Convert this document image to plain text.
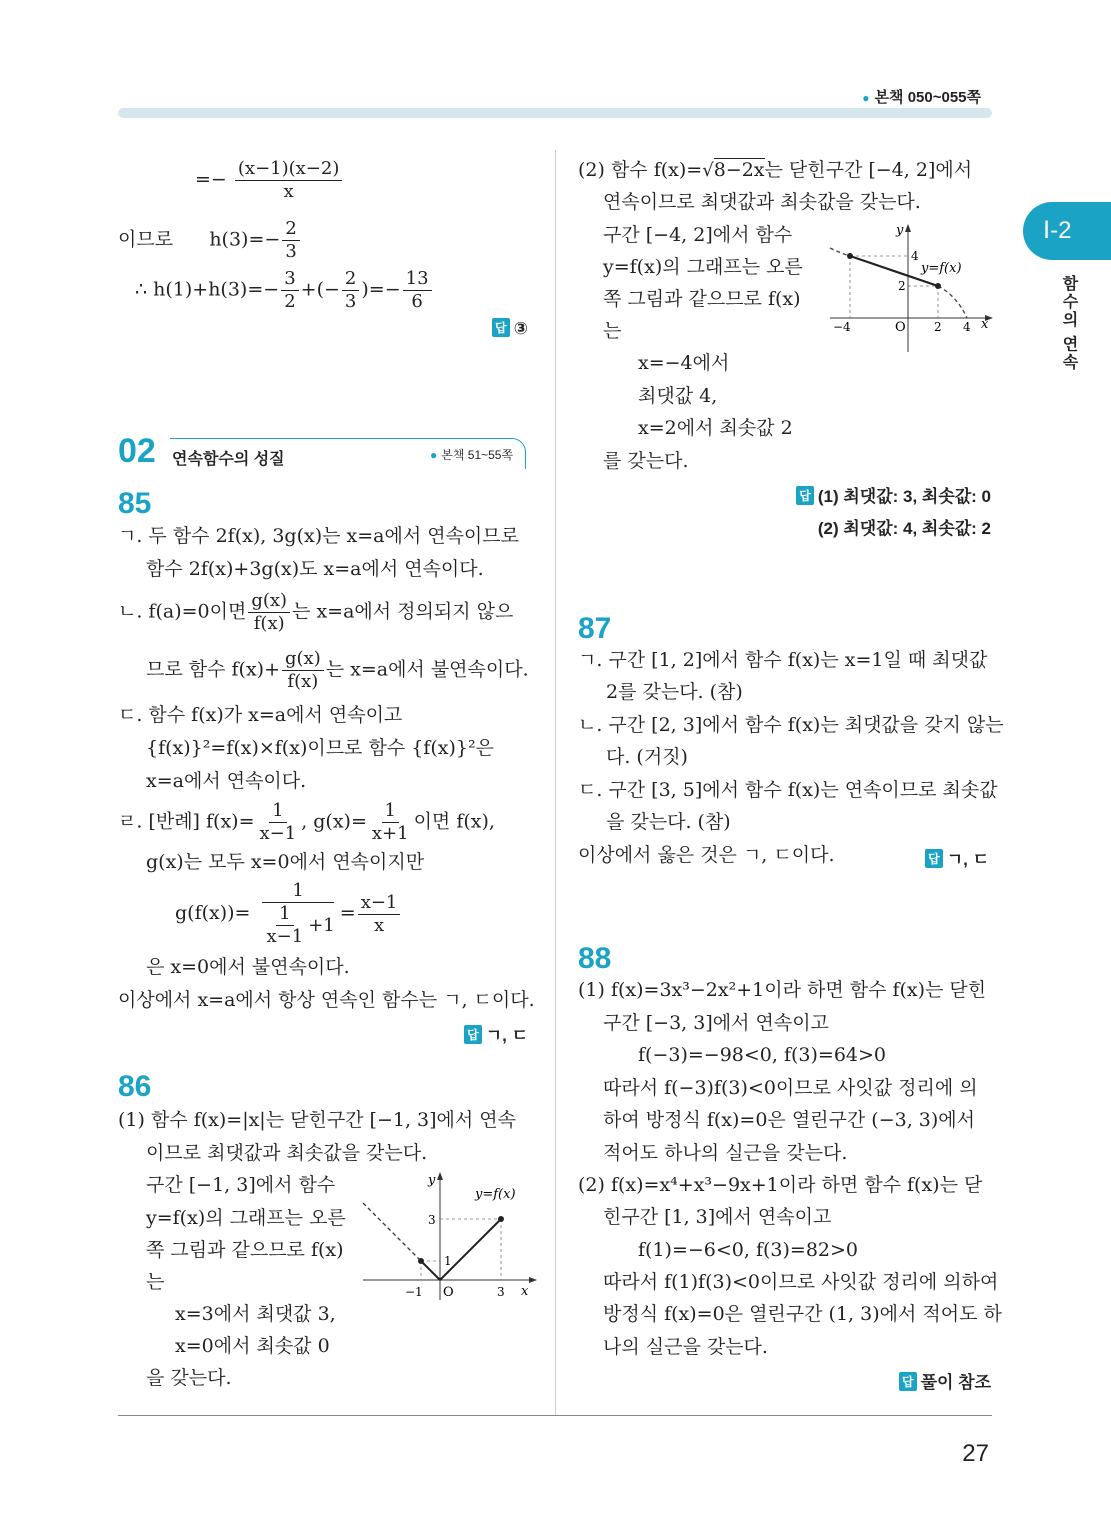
● 본책 050~055쪽
Ⅰ-2
함수의 연속
=− $\frac{(x-1)(x-2)}{x}$
이므로 $h(3)=- \frac{2}{3}$
∴ $h(1)+h(3)=- \frac{3}{2}$ +(− $\frac{2}{3}$ )=− $\frac{13}{6}$
답 ③
02 연속함수의 성질	● 본책 51~55쪽
85
ㄱ. 두 함수 2f(x), 3g(x)는 x=a에서 연속이므로
함수 2f(x)+3g(x)도 x=a에서 연속이다.
ㄴ. f(a)=0이면 $\frac{g(x)}{f(x)}$ 는 x=a에서 정의되지 않으
므로 함수 $f(x)+ \frac{g(x)}{f(x)}$ 는 x=a에서 불연속이다.
ㄷ. 함수 f(x)가 x=a에서 연속이고
{f(x)}²=f(x)×f(x)이므로 함수 {f(x)}²은
x=a에서 연속이다.
ㄹ. [반례] $f(x)= \frac{1}{x-1}$ , $g(x)= \frac{1}{x+1}$ 이면 f(x),
g(x)는 모두 x=0에서 연속이지만
$g(f(x))= \frac{1}{\frac{1}{x-1} +1} = \frac{x-1}{x}$
은 x=0에서 불연속이다.
이상에서 x=a에서 항상 연속인 함수는 ㄱ, ㄷ이다.
답 ㄱ, ㄷ
86
(1) 함수 f(x)=|x|는 닫힌구간 [−1, 3]에서 연속
이므로 최댓값과 최솟값을 갖는다.
구간 [−1, 3]에서 함수
y=f(x)의 그래프는 오른
쪽 그림과 같으므로 f(x)
는
x=3에서 최댓값 3,
x=0에서 최솟값 0
을 갖는다.
y
x
O
3
1
−1	3
y=f(x)
(2) 함수 f(x)=√8−2x는 닫힌구간 [−4, 2]에서
연속이므로 최댓값과 최솟값을 갖는다.
구간 [−4, 2]에서 함수
y=f(x)의 그래프는 오른
쪽 그림과 같으므로 f(x)
는
x=−4에서
최댓값 4,
x=2에서 최솟값 2
를 갖는다.
y
x
O
4
2
−4	2 4
y=f(x)
답 (1) 최댓값: 3, 최솟값: 0
(2) 최댓값: 4, 최솟값: 2
87
ㄱ. 구간 [1, 2]에서 함수 f(x)는 x=1일 때 최댓값
2를 갖는다. (참)
ㄴ. 구간 [2, 3]에서 함수 f(x)는 최댓값을 갖지 않는
다. (거짓)
ㄷ. 구간 [3, 5]에서 함수 f(x)는 연속이므로 최솟값
을 갖는다. (참)
이상에서 옳은 것은 ㄱ, ㄷ이다.	답 ㄱ, ㄷ
88
(1) f(x)=3x³−2x²+1이라 하면 함수 f(x)는 닫힌
구간 [−3, 3]에서 연속이고
f(−3)=−98<0, f(3)=64>0
따라서 f(−3)f(3)<0이므로 사잇값 정리에 의
하여 방정식 f(x)=0은 열린구간 (−3, 3)에서
적어도 하나의 실근을 갖는다.
(2) f(x)=x⁴+x³−9x+1이라 하면 함수 f(x)는 닫
힌구간 [1, 3]에서 연속이고
f(1)=−6<0, f(3)=82>0
따라서 f(1)f(3)<0이므로 사잇값 정리에 의하여
방정식 f(x)=0은 열린구간 (1, 3)에서 적어도 하
나의 실근을 갖는다.
답 풀이 참조
27
